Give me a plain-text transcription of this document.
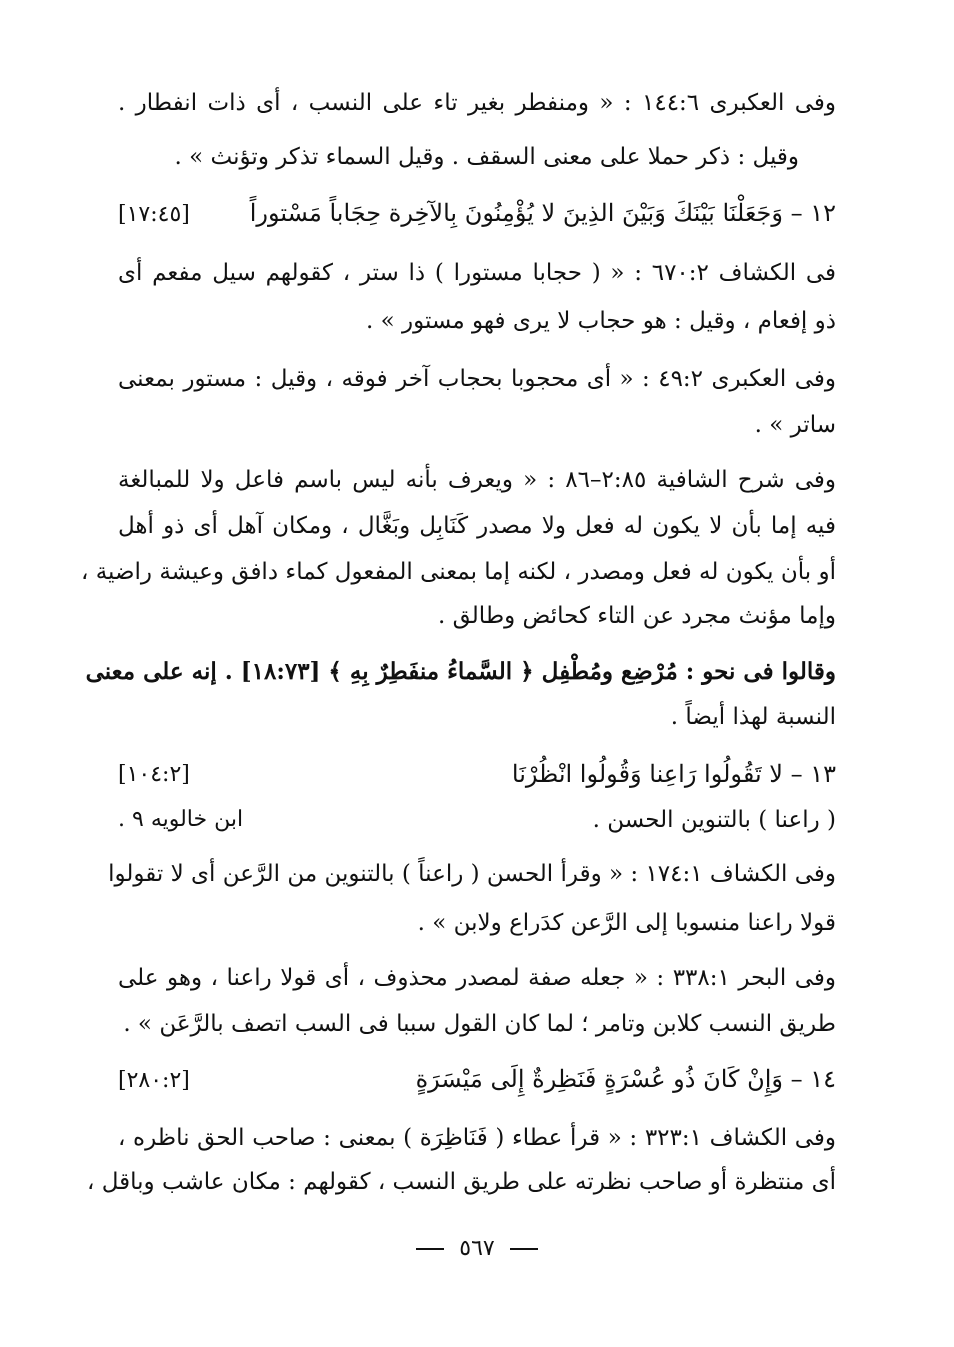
وفى العكبرى ١٤٤:٦ : « ومنفطر بغير تاء على النسب ، أى ذات انفطار .
وقيل : ذكر حملا على معنى السقف . وقيل السماء تذكر وتؤنث » .
١٢ – وَجَعَلْنَا بَيْنَكَ وَبَيْنَ الذِينَ لا يُؤْمِنُونَ بِالآخِرة حِجَاباً مَسْتوراً
[١٧:٤٥]
فى الكشاف ٦٧٠:٢ : « ( حجابا مستورا ) ذا ستر ، كقولهم سيل مفعم أى
ذو إفعام ، وقيل : هو حجاب لا يرى فهو مستور » .
وفى العكبرى ٤٩:٢ : « أى محجوبا بحجاب آخر فوقه ، وقيل : مستور بمعنى
ساتر » .
وفى شرح الشافية ٢:٨٥–٨٦ : « ويعرف بأنه ليس باسم فاعل ولا للمبالغة
فيه إما بأن لا يكون له فعل ولا مصدر كَنَابِل وبَغَّال ، ومكان آهل أى ذو أهل
أو بأن يكون له فعل ومصدر ، لكنه إما بمعنى المفعول كماء دافق وعيشة راضية ،
وإما مؤنث مجرد عن التاء كحائض وطالق .
وقالوا فى نحو : مُرْضِع ومُطْفِل ﴿ السَّماءُ منفَطِرٌ بِهِ ﴾ [١٨:٧٣] . إنه على معنى
النسبة لهذا أيضاً .
١٣ – لا تَقُولُوا رَاعِنا وَقُولُوا انْظُرْنَا
[١٠٤:٢]
( راعنا ) بالتنوين الحسن .
ابن خالويه ٩ .
وفى الكشاف ١٧٤:١ : « وقرأ الحسن ( راعناً ) بالتنوين من الرَّعن أى لا تقولوا
قولا راعنا منسوبا إلى الرَّعن كدَراع ولابن » .
وفى البحر ٣٣٨:١ : « جعله صفة لمصدر محذوف ، أى قولا راعنا ، وهو على
طريق النسب كلابن وتامر ؛ لما كان القول سببا فى السب اتصف بالرَّعَن » .
١٤ – وَإِنْ كَانَ ذُو عُسْرَةٍ فَنَظِرةٌ إِلَى مَيْسَرَةٍ
[٢٨٠:٢]
وفى الكشاف ٣٢٣:١ : « قرأ عطاء ( فَنَاظِرَة ) بمعنى : صاحب الحق ناظره ،
أى منتظرة أو صاحب نظرته على طريق النسب ، كقولهم : مكان عاشب وباقل ،
٥٦٧
